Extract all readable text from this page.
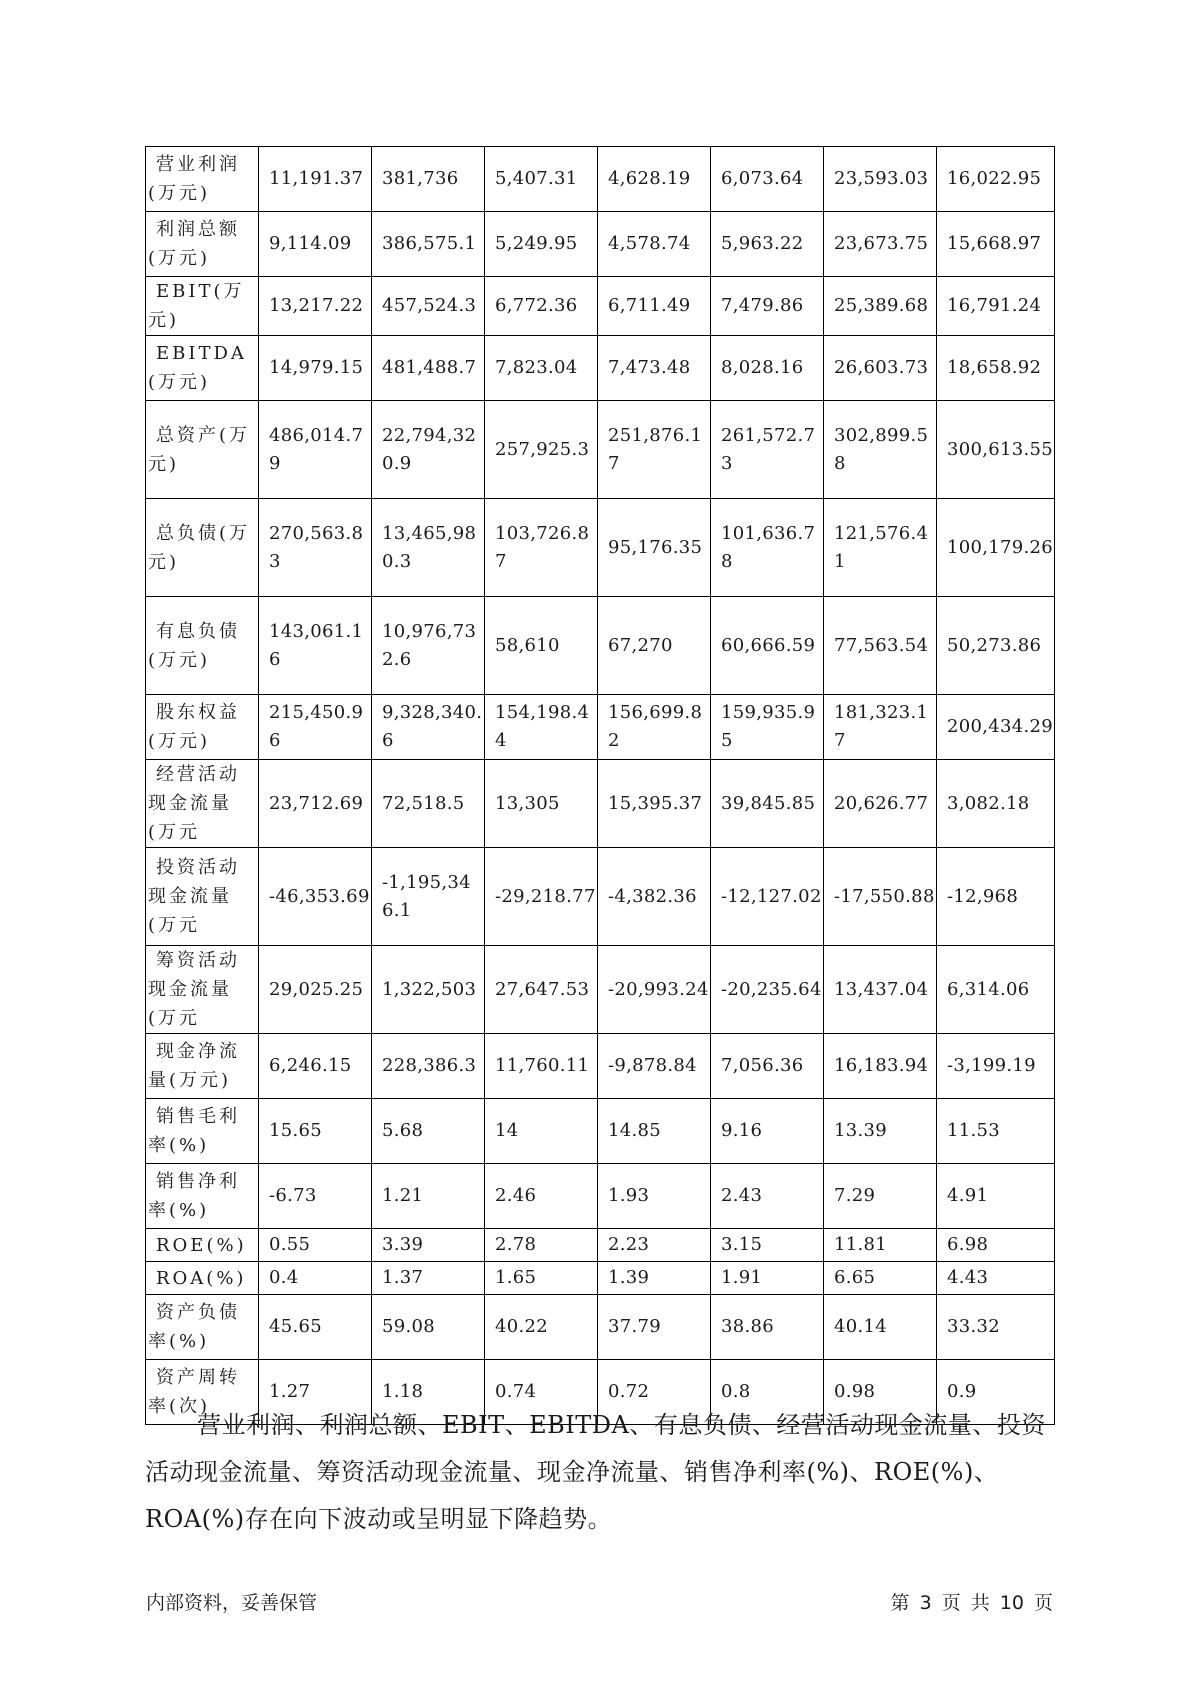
营业利润(万元)	11,191.37	381,736	5,407.31	4,628.19	6,073.64	23,593.03	16,022.95
利润总额(万元)	9,114.09	386,575.1	5,249.95	4,578.74	5,963.22	23,673.75	15,668.97
EBIT(万元)	13,217.22	457,524.3	6,772.36	6,711.49	7,479.86	25,389.68	16,791.24
EBITDA(万元)	14,979.15	481,488.7	7,823.04	7,473.48	8,028.16	26,603.73	18,658.92
总资产(万元)	486,014.79	22,794,320.9	257,925.3	251,876.17	261,572.73	302,899.58	300,613.55
总负债(万元)	270,563.83	13,465,980.3	103,726.87	95,176.35	101,636.78	121,576.41	100,179.26
有息负债(万元)	143,061.16	10,976,732.6	58,610	67,270	60,666.59	77,563.54	50,273.86
股东权益(万元)	215,450.96	9,328,340.6	154,198.44	156,699.82	159,935.95	181,323.17	200,434.29
经营活动现金流量(万元	23,712.69	72,518.5	13,305	15,395.37	39,845.85	20,626.77	3,082.18
投资活动现金流量(万元	-46,353.69	-1,195,346.1	-29,218.77	-4,382.36	-12,127.02	-17,550.88	-12,968
筹资活动现金流量(万元	29,025.25	1,322,503	27,647.53	-20,993.24	-20,235.64	13,437.04	6,314.06
现金净流量(万元)	6,246.15	228,386.3	11,760.11	-9,878.84	7,056.36	16,183.94	-3,199.19
销售毛利率(%)	15.65	5.68	14	14.85	9.16	13.39	11.53
销售净利率(%)	-6.73	1.21	2.46	1.93	2.43	7.29	4.91
ROE(%)	0.55	3.39	2.78	2.23	3.15	11.81	6.98
ROA(%)	0.4	1.37	1.65	1.39	1.91	6.65	4.43
资产负债率(%)	45.65	59.08	40.22	37.79	38.86	40.14	33.32
资产周转率(次)	1.27	1.18	0.74	0.72	0.8	0.98	0.9

营业利润、利润总额、EBIT、EBITDA、有息负债、经营活动现金流量、投资活动现金流量、筹资活动现金流量、现金净流量、销售净利率(%)、ROE(%)、ROA(%)存在向下波动或呈明显下降趋势。

内部资料，妥善保管	第 3 页 共 10 页
